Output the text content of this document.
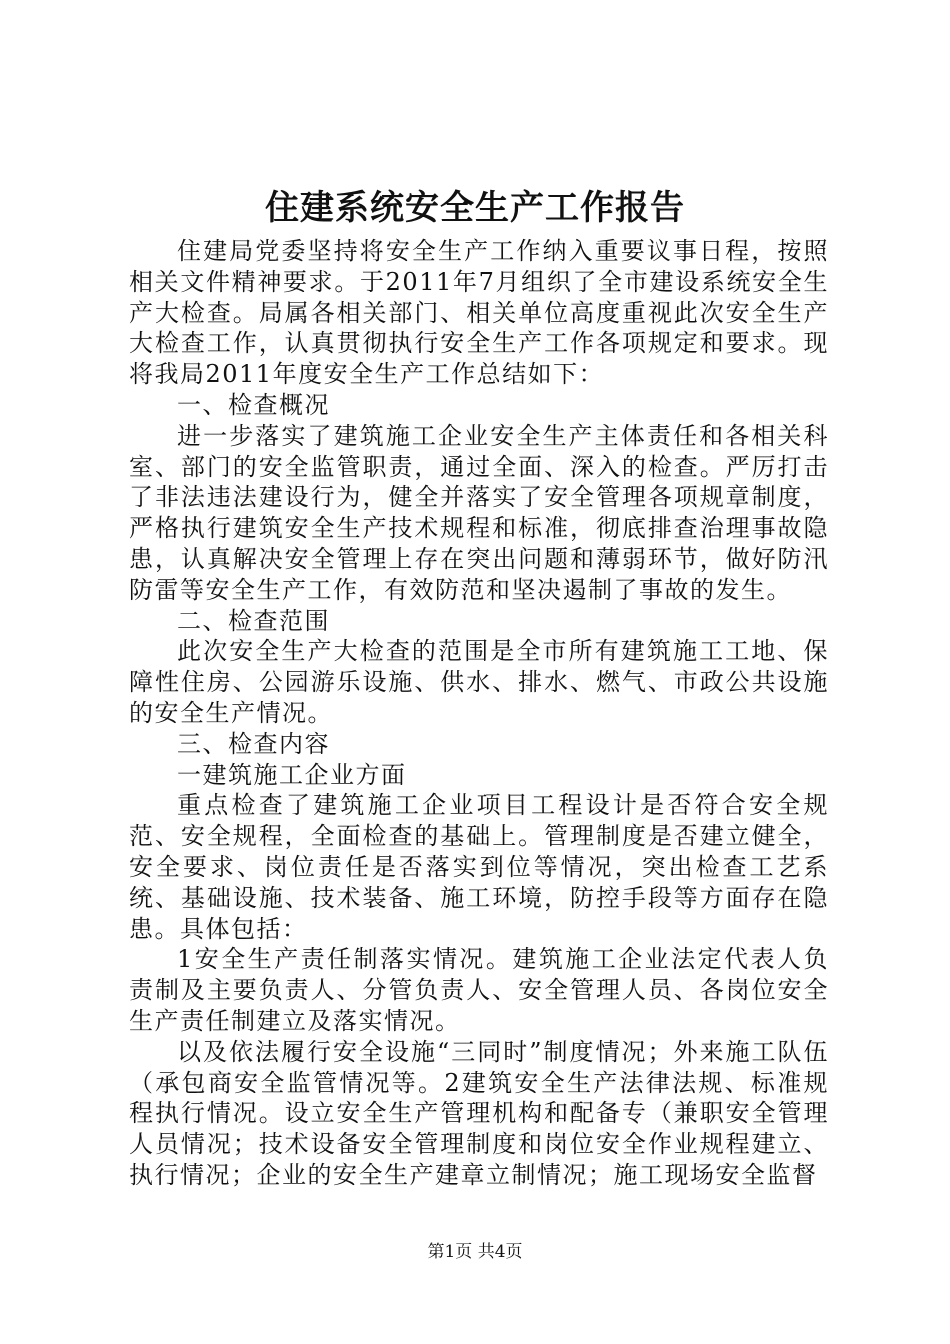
住建系统安全生产工作报告

住建局党委坚持将安全生产工作纳入重要议事日程，按照相关文件精神要求。于2011年7月组织了全市建设系统安全生产大检查。局属各相关部门、相关单位高度重视此次安全生产大检查工作，认真贯彻执行安全生产工作各项规定和要求。现将我局2011年度安全生产工作总结如下：

一、检查概况

进一步落实了建筑施工企业安全生产主体责任和各相关科室、部门的安全监管职责，通过全面、深入的检查。严厉打击了非法违法建设行为，健全并落实了安全管理各项规章制度，严格执行建筑安全生产技术规程和标准，彻底排查治理事故隐患，认真解决安全管理上存在突出问题和薄弱环节，做好防汛防雷等安全生产工作，有效防范和坚决遏制了事故的发生。

二、检查范围

此次安全生产大检查的范围是全市所有建筑施工工地、保障性住房、公园游乐设施、供水、排水、燃气、市政公共设施的安全生产情况。

三、检查内容

一建筑施工企业方面

重点检查了建筑施工企业项目工程设计是否符合安全规范、安全规程，全面检查的基础上。管理制度是否建立健全，安全要求、岗位责任是否落实到位等情况，突出检查工艺系统、基础设施、技术装备、施工环境，防控手段等方面存在隐患。具体包括：

1安全生产责任制落实情况。建筑施工企业法定代表人负责制及主要负责人、分管负责人、安全管理人员、各岗位安全生产责任制建立及落实情况。

以及依法履行安全设施“三同时”制度情况；外来施工队伍（承包商安全监管情况等。2建筑安全生产法律法规、标准规程执行情况。设立安全生产管理机构和配备专（兼职安全管理人员情况；技术设备安全管理制度和岗位安全作业规程建立、执行情况；企业的安全生产建章立制情况；施工现场安全监督

第1页 共4页
